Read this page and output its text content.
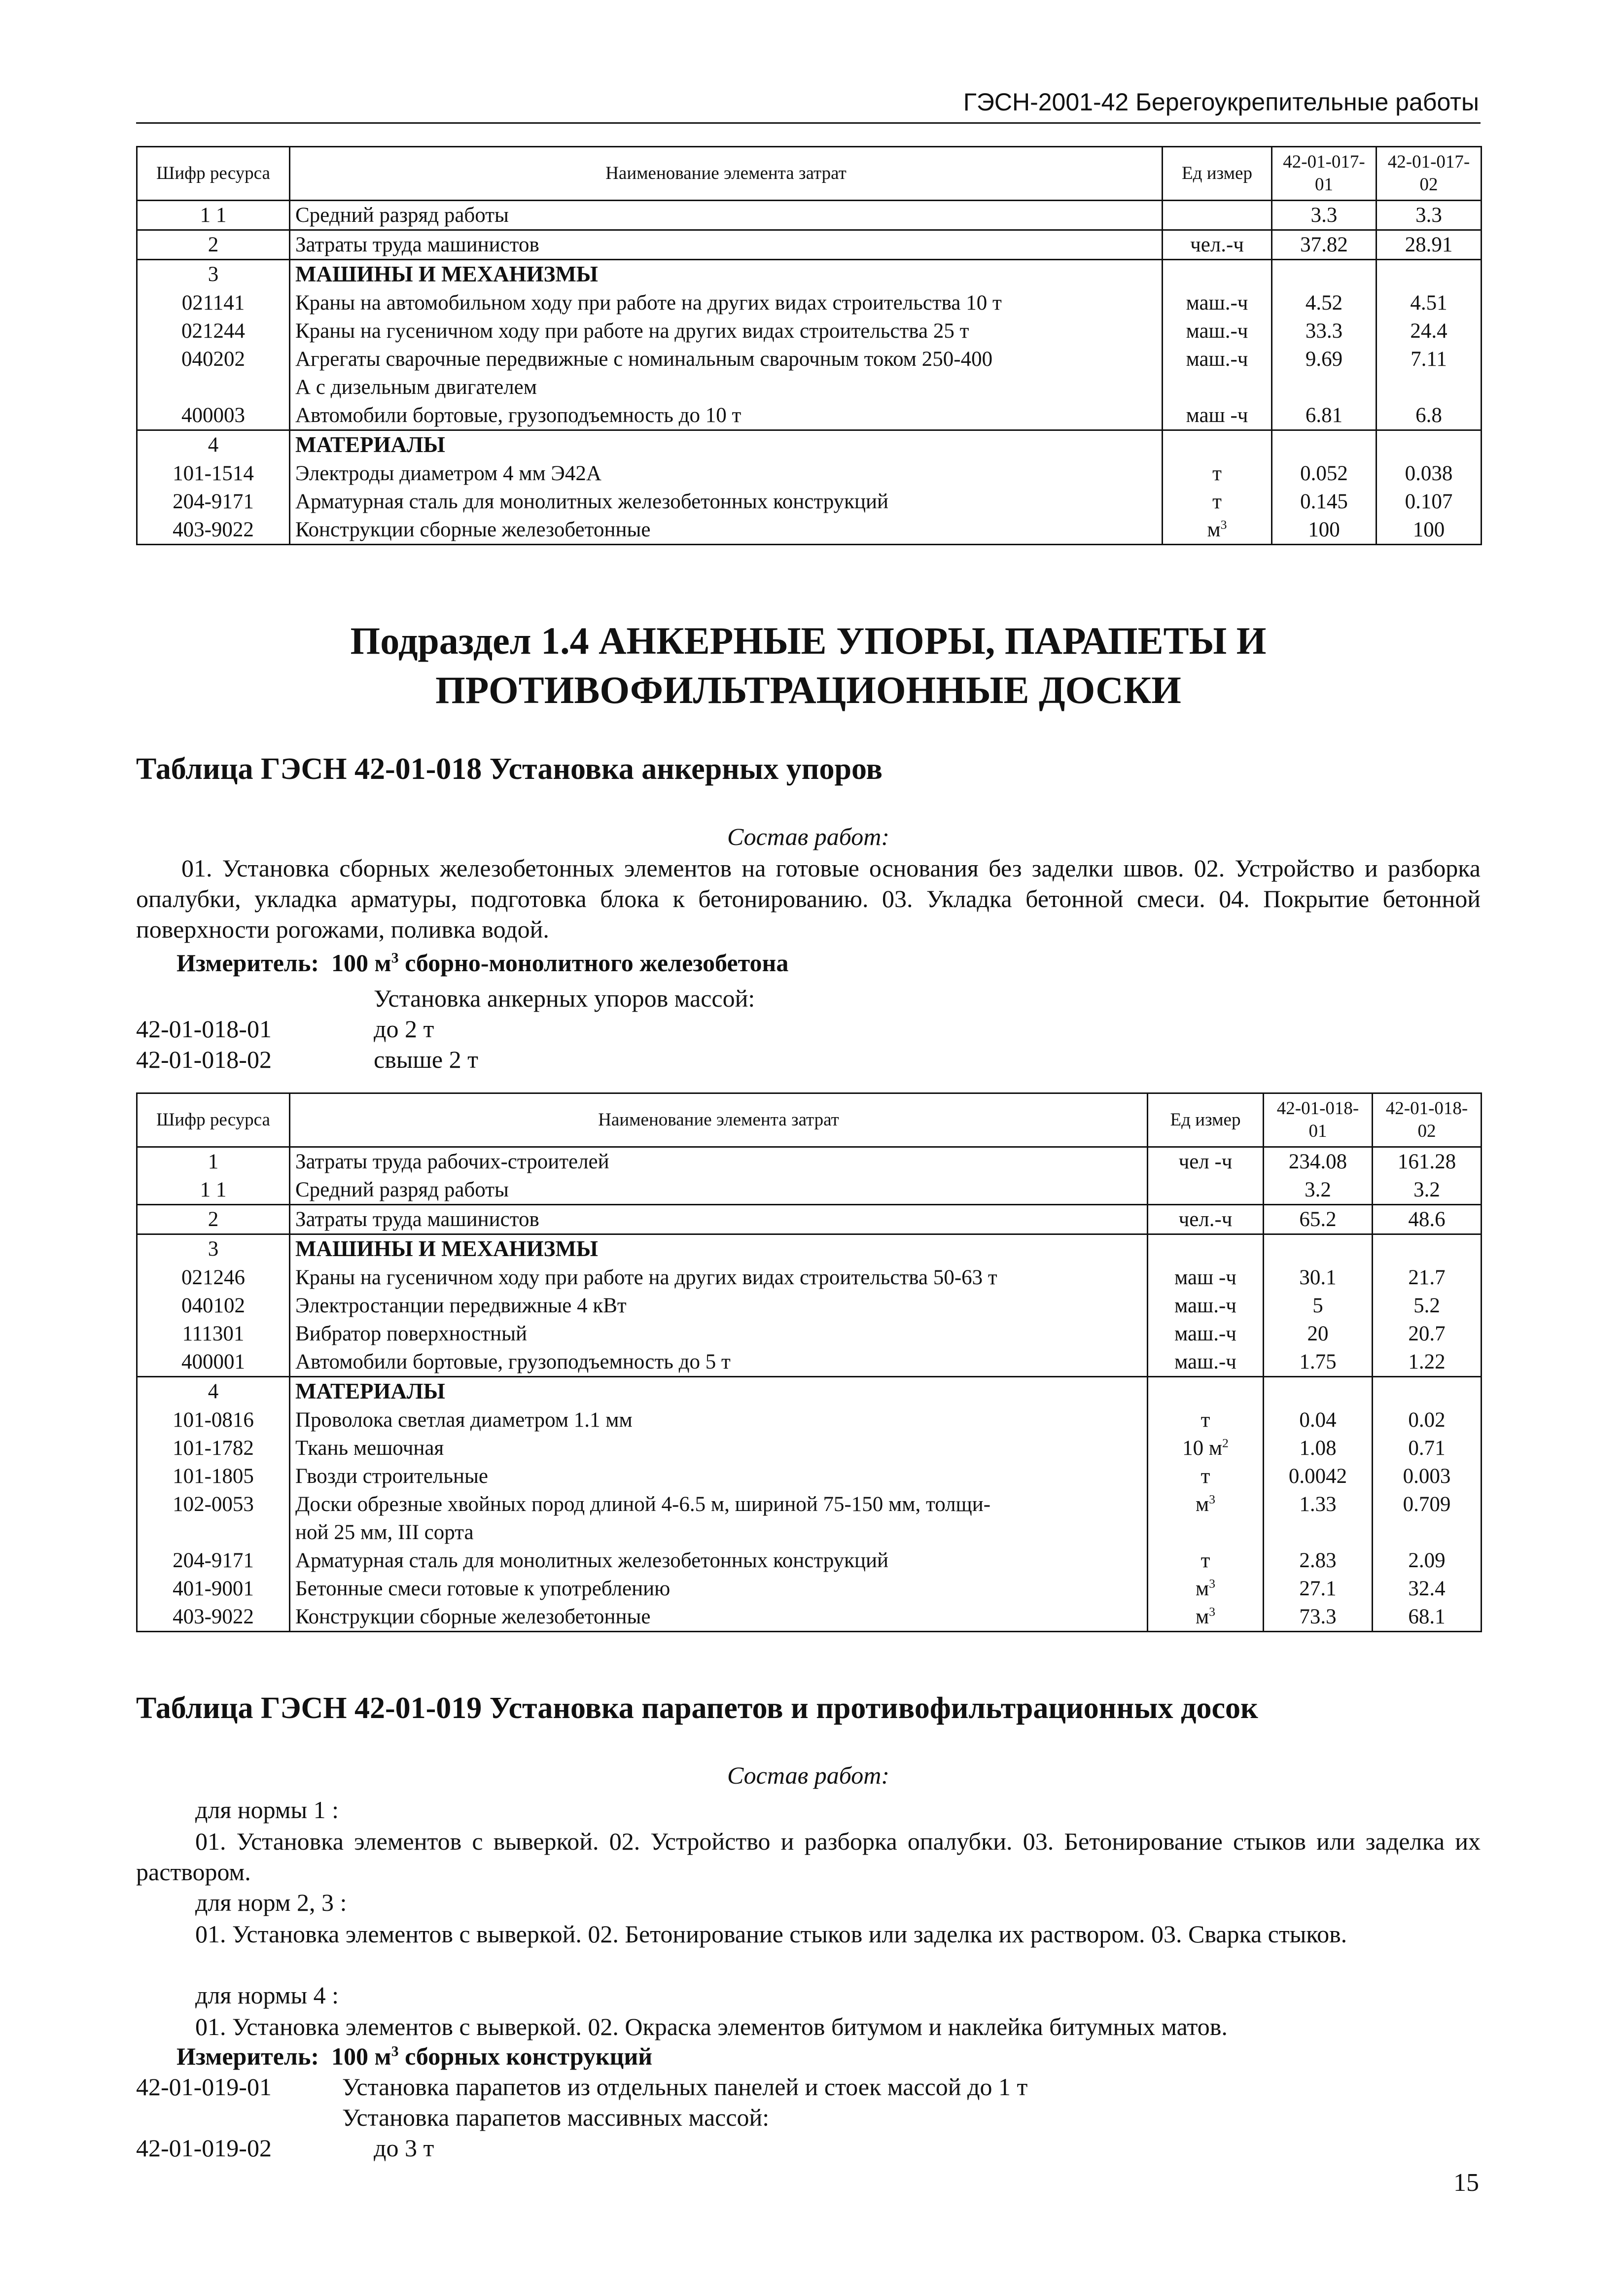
ГЭСН-2001-42 Берегоукрепительные работы
Шифр ресурса	Наименование элемента затрат	Ед измер	42-01-017-01	42-01-017-02
1 1	Средний разряд работы		3.3	3.3
2	Затраты труда машинистов	чел.-ч	37.82	28.91
3	МАШИНЫ И МЕХАНИЗМЫ			
021141	Краны на автомобильном ходу при работе на других видах строительства 10 т	маш.-ч	4.52	4.51
021244	Краны на гусеничном ходу при работе на других видах строительства 25 т	маш.-ч	33.3	24.4
040202	Агрегаты сварочные передвижные с номинальным сварочным током 250-400
А с дизельным двигателем	маш.-ч	9.69	7.11
400003	Автомобили бортовые, грузоподъемность до 10 т	маш -ч	6.81	6.8
4	МАТЕРИАЛЫ			
101-1514	Электроды диаметром 4 мм Э42А	т	0.052	0.038
204-9171	Арматурная сталь для монолитных железобетонных конструкций	т	0.145	0.107
403-9022	Конструкции сборные железобетонные	$м^3$	100	100
Подраздел 1.4 АНКЕРНЫЕ УПОРЫ, ПАРАПЕТЫ И
ПРОТИВОФИЛЬТРАЦИОННЫЕ ДОСКИ
Таблица ГЭСН 42-01-018 Установка анкерных упоров
Состав работ:
01. Установка сборных железобетонных элементов на готовые основания без заделки швов. 02. Устройство и разборка опалубки, укладка арматуры, подготовка блока к бетонированию. 03. Укладка бетонной смеси. 04. Покрытие бетонной поверхности рогожами, поливка водой.
Измеритель: 100 $м^3$ сборно-монолитного железобетона
Установка анкерных упоров массой:
42-01-018-01	до 2 т
42-01-018-02	свыше 2 т
Шифр ресурса	Наименование элемента затрат	Ед измер	42-01-018-01	42-01-018-02
1	Затраты труда рабочих-строителей	чел -ч	234.08	161.28
1 1	Средний разряд работы		3.2	3.2
2	Затраты труда машинистов	чел.-ч	65.2	48.6
3	МАШИНЫ И МЕХАНИЗМЫ			
021246	Краны на гусеничном ходу при работе на других видах строительства 50-63 т	маш -ч	30.1	21.7
040102	Электростанции передвижные 4 кВт	маш.-ч	5	5.2
111301	Вибратор поверхностный	маш.-ч	20	20.7
400001	Автомобили бортовые, грузоподъемность до 5 т	маш.-ч	1.75	1.22
4	МАТЕРИАЛЫ			
101-0816	Проволока светлая диаметром 1.1 мм	т	0.04	0.02
101-1782	Ткань мешочная	10 $м^2$	1.08	0.71
101-1805	Гвозди строительные	т	0.0042	0.003
102-0053	Доски обрезные хвойных пород длиной 4-6.5 м, шириной 75-150 мм, толщи-
ной 25 мм, III сорта	$м^3$	1.33	0.709
204-9171	Арматурная сталь для монолитных железобетонных конструкций	т	2.83	2.09
401-9001	Бетонные смеси готовые к употреблению	$м^3$	27.1	32.4
403-9022	Конструкции сборные железобетонные	$м^3$	73.3	68.1
Таблица ГЭСН 42-01-019 Установка парапетов и противофильтрационных досок
Состав работ:
для нормы 1 :
01. Установка элементов с выверкой. 02. Устройство и разборка опалубки. 03. Бетонирование стыков или заделка их раствором.
для норм 2, 3 :
01. Установка элементов с выверкой. 02. Бетонирование стыков или заделка их раствором. 03. Сварка стыков.
для нормы 4 :
01. Установка элементов с выверкой. 02. Окраска элементов битумом и наклейка битумных матов.
Измеритель: 100 $м^3$ сборных конструкций
42-01-019-01	Установка парапетов из отдельных панелей и стоек массой до 1 т
Установка парапетов массивных массой:
42-01-019-02	до 3 т
15
